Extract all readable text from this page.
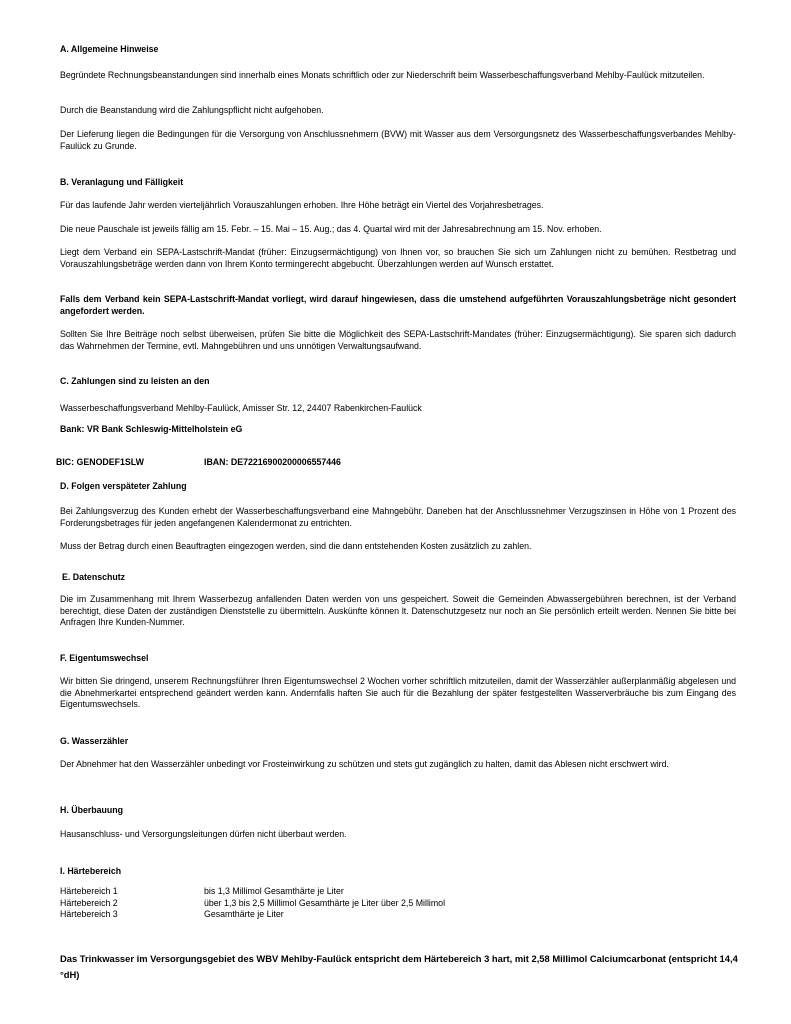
A. Allgemeine Hinweise
Begründete Rechnungsbeanstandungen sind innerhalb eines Monats schriftlich oder zur Niederschrift beim Wasserbeschaffungsverband Mehlby-Faulück mitzuteilen.
Durch die Beanstandung wird die Zahlungspflicht nicht aufgehoben.
Der Lieferung liegen die Bedingungen für die Versorgung von Anschlussnehmern (BVW) mit Wasser aus dem Versorgungsnetz des Wasserbeschaffungsverbandes Mehlby-Faulück zu Grunde.
B. Veranlagung und Fälligkeit
Für das laufende Jahr werden vierteljährlich Vorauszahlungen erhoben. Ihre Höhe beträgt ein Viertel des Vorjahresbetrages.
Die neue Pauschale ist jeweils fällig am 15. Febr. – 15. Mai – 15. Aug.; das 4. Quartal wird mit der Jahresabrechnung am 15. Nov. erhoben.
Liegt dem Verband ein SEPA-Lastschrift-Mandat (früher: Einzugsermächtigung) von Ihnen vor, so brauchen Sie sich um Zahlungen nicht zu bemühen. Restbetrag und Vorauszahlungsbeträge werden dann von Ihrem Konto termingerecht abgebucht. Überzahlungen werden auf Wunsch erstattet.
Falls dem Verband kein SEPA-Lastschrift-Mandat vorliegt, wird darauf hingewiesen, dass die umstehend aufgeführten Vorauszahlungsbeträge nicht gesondert angefordert werden.
Sollten Sie Ihre Beiträge noch selbst überweisen, prüfen Sie bitte die Möglichkeit des SEPA-Lastschrift-Mandates (früher: Einzugsermächtigung). Sie sparen sich dadurch das Wahrnehmen der Termine, evtl. Mahngebühren und uns unnötigen Verwaltungsaufwand.
C. Zahlungen sind zu leisten an den
Wasserbeschaffungsverband Mehlby-Faulück, Amisser Str. 12, 24407 Rabenkirchen-Faulück
Bank: VR Bank Schleswig-Mittelholstein eG
BIC: GENODEF1SLW	IBAN: DE72216900200006557446
D. Folgen verspäteter Zahlung
Bei Zahlungsverzug des Kunden erhebt der Wasserbeschaffungsverband eine Mahngebühr. Daneben hat der Anschlussnehmer Verzugszinsen in Höhe von 1 Prozent des Forderungsbetrages für jeden angefangenen Kalendermonat zu entrichten.
Muss der Betrag durch einen Beauftragten eingezogen werden, sind die dann entstehenden Kosten zusätzlich zu zahlen.
E. Datenschutz
Die im Zusammenhang mit Ihrem Wasserbezug anfallenden Daten werden von uns gespeichert. Soweit die Gemeinden Abwassergebühren berechnen, ist der Verband berechtigt, diese Daten der zuständigen Dienststelle zu übermitteln. Auskünfte können lt. Datenschutzgesetz nur noch an Sie persönlich erteilt werden. Nennen Sie bitte bei Anfragen Ihre Kunden-Nummer.
F. Eigentumswechsel
Wir bitten Sie dringend, unserem Rechnungsführer Ihren Eigentumswechsel 2 Wochen vorher schriftlich mitzuteilen, damit der Wasserzähler außerplanmäßig abgelesen und die Abnehmerkartei entsprechend geändert werden kann. Andernfalls haften Sie auch für die Bezahlung der später festgestellten Wasserverbräuche bis zum Eingang des Eigentumswechsels.
G. Wasserzähler
Der Abnehmer hat den Wasserzähler unbedingt vor Frosteinwirkung zu schützen und stets gut zugänglich zu halten, damit das Ablesen nicht erschwert wird.
H. Überbauung
Hausanschluss- und Versorgungsleitungen dürfen nicht überbaut werden.
I. Härtebereich
Härtebereich 1	bis 1,3 Millimol Gesamthärte je Liter
Härtebereich 2	über 1,3 bis 2,5 Millimol Gesamthärte je Liter über 2,5 Millimol
Härtebereich 3	Gesamthärte je Liter
Das Trinkwasser im Versorgungsgebiet des WBV Mehlby-Faulück entspricht dem Härtebereich 3 hart, mit 2,58 Millimol Calciumcarbonat (entspricht 14,4 °dH)
